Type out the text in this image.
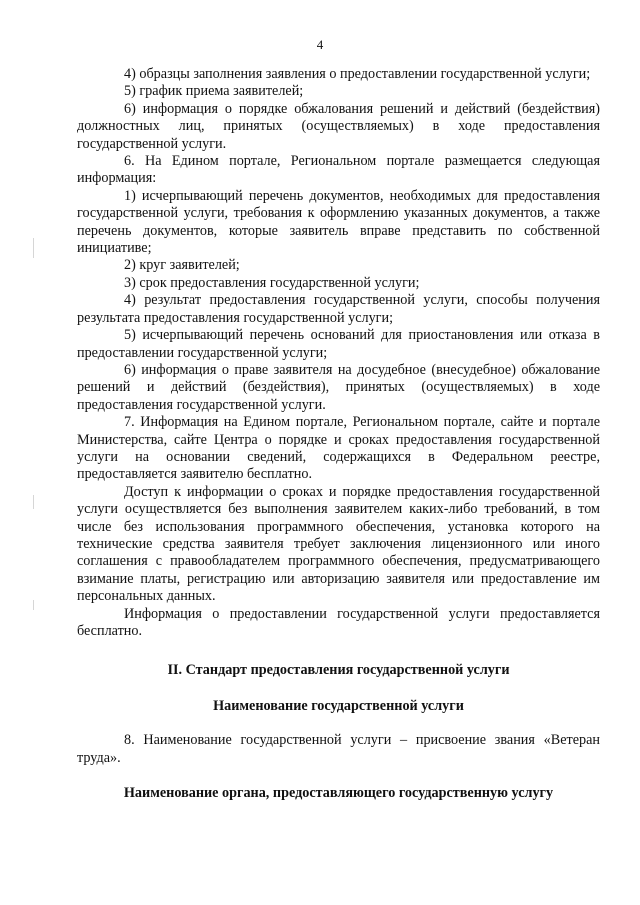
4

4) образцы заполнения заявления о предоставлении государственной услуги;

5) график приема заявителей;

6) информация о порядке обжалования решений и действий (бездействия) должностных лиц, принятых (осуществляемых) в ходе предоставления государственной услуги.

6. На Едином портале, Региональном портале размещается следующая информация:

1) исчерпывающий перечень документов, необходимых для предоставления государственной услуги, требования к оформлению указанных документов, а также перечень документов, которые заявитель вправе представить по собственной инициативе;

2) круг заявителей;

3) срок предоставления государственной услуги;

4) результат предоставления государственной услуги, способы получения результата предоставления государственной услуги;

5) исчерпывающий перечень оснований для приостановления или отказа в предоставлении государственной услуги;

6) информация о праве заявителя на досудебное (внесудебное) обжалование решений и действий (бездействия), принятых (осуществляемых) в ходе предоставления государственной услуги.

7. Информация на Едином портале, Региональном портале, сайте и портале Министерства, сайте Центра о порядке и сроках предоставления государственной услуги на основании сведений, содержащихся в Федеральном реестре, предоставляется заявителю бесплатно.

Доступ к информации о сроках и порядке предоставления государственной услуги осуществляется без выполнения заявителем каких-либо требований, в том числе без использования программного обеспечения, установка которого на технические средства заявителя требует заключения лицензионного или иного соглашения с правообладателем программного обеспечения, предусматривающего взимание платы, регистрацию или авторизацию заявителя или предоставление им персональных данных.

Информация о предоставлении государственной услуги предоставляется бесплатно.

II. Стандарт предоставления государственной услуги

Наименование государственной услуги

8. Наименование государственной услуги – присвоение звания «Ветеран труда».

Наименование органа, предоставляющего государственную услугу
